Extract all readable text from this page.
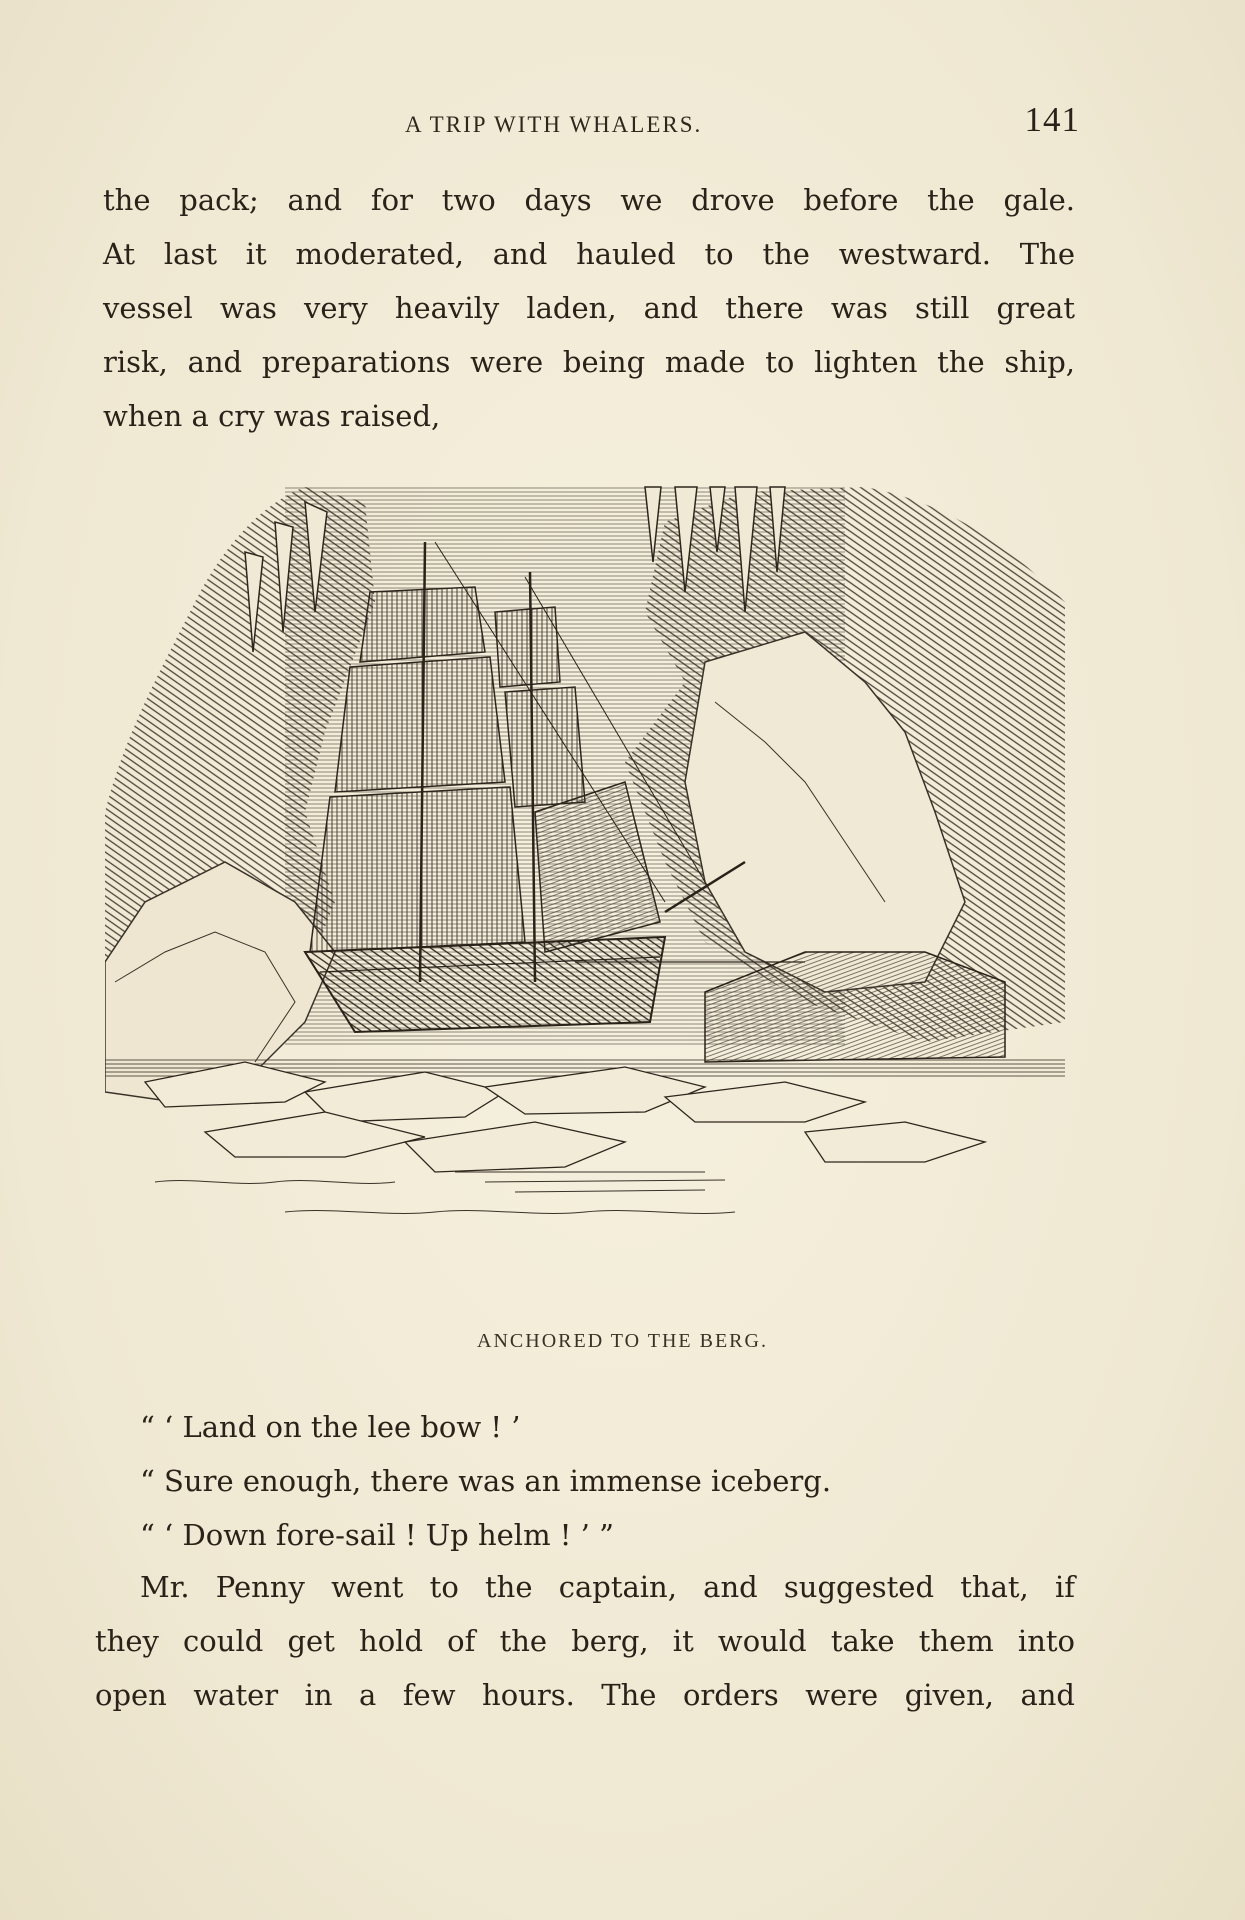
A TRIP WITH WHALERS.	141
the pack; and for two days we drove before the gale.
At last it moderated, and hauled to the westward. The
vessel was very heavily laden, and there was still great
risk, and preparations were being made to lighten the ship,
when a cry was raised,
ANCHORED TO THE BERG.
“ ‘ Land on the lee bow ! ’
“ Sure enough, there was an immense iceberg.
“ ‘ Down fore-sail ! Up helm ! ’ ”
Mr. Penny went to the captain, and suggested that, if
they could get hold of the berg, it would take them into
open water in a few hours. The orders were given, and
